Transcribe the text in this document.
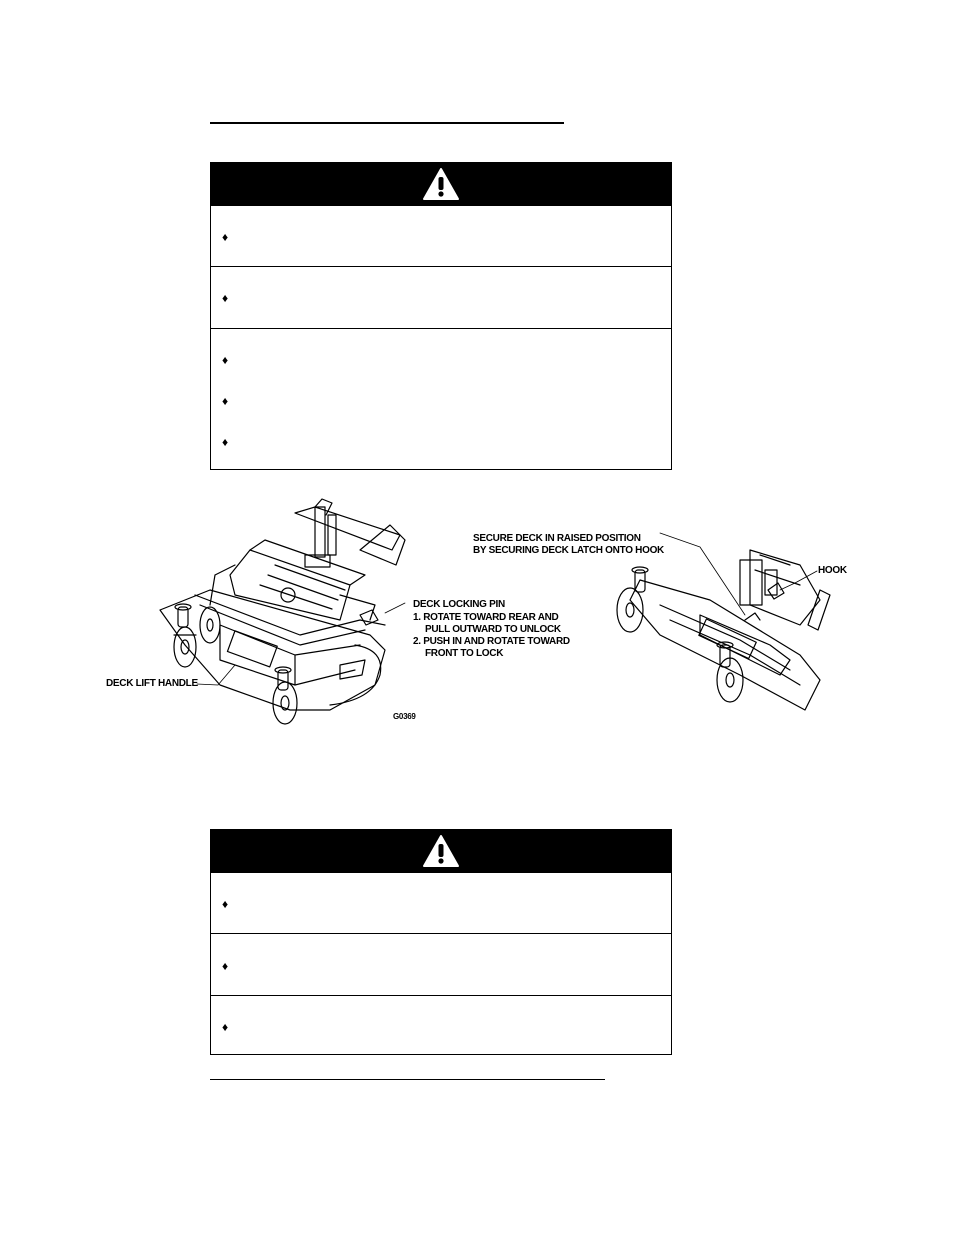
♦
♦
♦
♦
♦
DECK LIFT HANDLE
DECK LOCKING PIN
1. ROTATE TOWARD REAR AND
PULL OUTWARD TO UNLOCK
2. PUSH IN AND ROTATE TOWARD
FRONT TO LOCK
G0369
SECURE DECK IN RAISED POSITION
BY SECURING DECK LATCH ONTO HOOK
HOOK
♦
♦
♦
